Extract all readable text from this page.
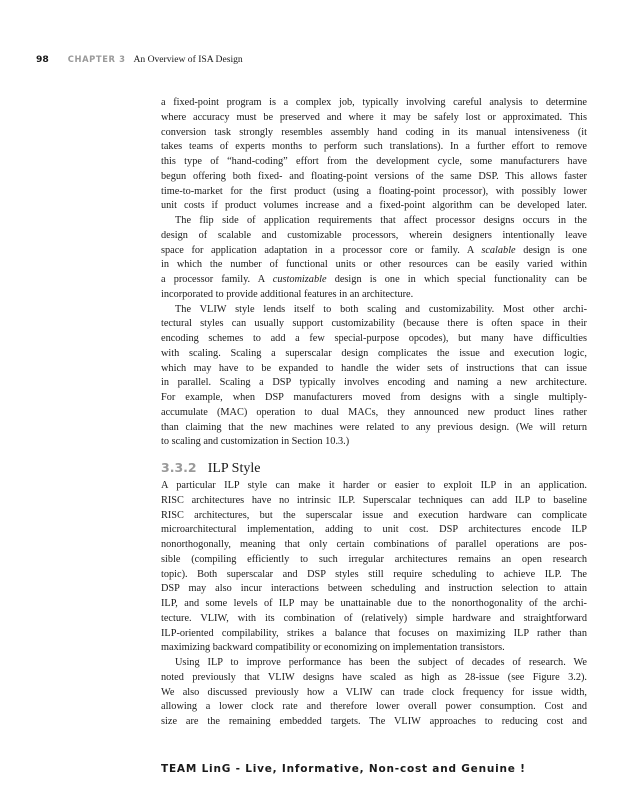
98 CHAPTER 3 An Overview of ISA Design
a fixed-point program is a complex job, typically involving careful analysis to determine
where accuracy must be preserved and where it may be safely lost or approximated. This
conversion task strongly resembles assembly hand coding in its manual intensiveness (it
takes teams of experts months to perform such translations). In a further effort to remove
this type of “hand-coding” effort from the development cycle, some manufacturers have
begun offering both fixed- and floating-point versions of the same DSP. This allows faster
time-to-market for the first product (using a floating-point processor), with possibly lower
unit costs if product volumes increase and a fixed-point algorithm can be developed later.
The flip side of application requirements that affect processor designs occurs in the
design of scalable and customizable processors, wherein designers intentionally leave
space for application adaptation in a processor core or family. A scalable design is one
in which the number of functional units or other resources can be easily varied within
a processor family. A customizable design is one in which special functionality can be
incorporated to provide additional features in an architecture.
The VLIW style lends itself to both scaling and customizability. Most other archi-
tectural styles can usually support customizability (because there is often space in their
encoding schemes to add a few special-purpose opcodes), but many have difficulties
with scaling. Scaling a superscalar design complicates the issue and execution logic,
which may have to be expanded to handle the wider sets of instructions that can issue
in parallel. Scaling a DSP typically involves encoding and naming a new architecture.
For example, when DSP manufacturers moved from designs with a single multiply-
accumulate (MAC) operation to dual MACs, they announced new product lines rather
than claiming that the new machines were related to any previous design. (We will return
to scaling and customization in Section 10.3.)
3.3.2 ILP Style
A particular ILP style can make it harder or easier to exploit ILP in an application.
RISC architectures have no intrinsic ILP. Superscalar techniques can add ILP to baseline
RISC architectures, but the superscalar issue and execution hardware can complicate
microarchitectural implementation, adding to unit cost. DSP architectures encode ILP
nonorthogonally, meaning that only certain combinations of parallel operations are pos-
sible (compiling efficiently to such irregular architectures remains an open research
topic). Both superscalar and DSP styles still require scheduling to achieve ILP. The
DSP may also incur interactions between scheduling and instruction selection to attain
ILP, and some levels of ILP may be unattainable due to the nonorthogonality of the archi-
tecture. VLIW, with its combination of (relatively) simple hardware and straightforward
ILP-oriented compilability, strikes a balance that focuses on maximizing ILP rather than
maximizing backward compatibility or economizing on implementation transistors.
Using ILP to improve performance has been the subject of decades of research. We
noted previously that VLIW designs have scaled as high as 28-issue (see Figure 3.2).
We also discussed previously how a VLIW can trade clock frequency for issue width,
allowing a lower clock rate and therefore lower overall power consumption. Cost and
size are the remaining embedded targets. The VLIW approaches to reducing cost and
TEAM LinG - Live, Informative, Non-cost and Genuine !
